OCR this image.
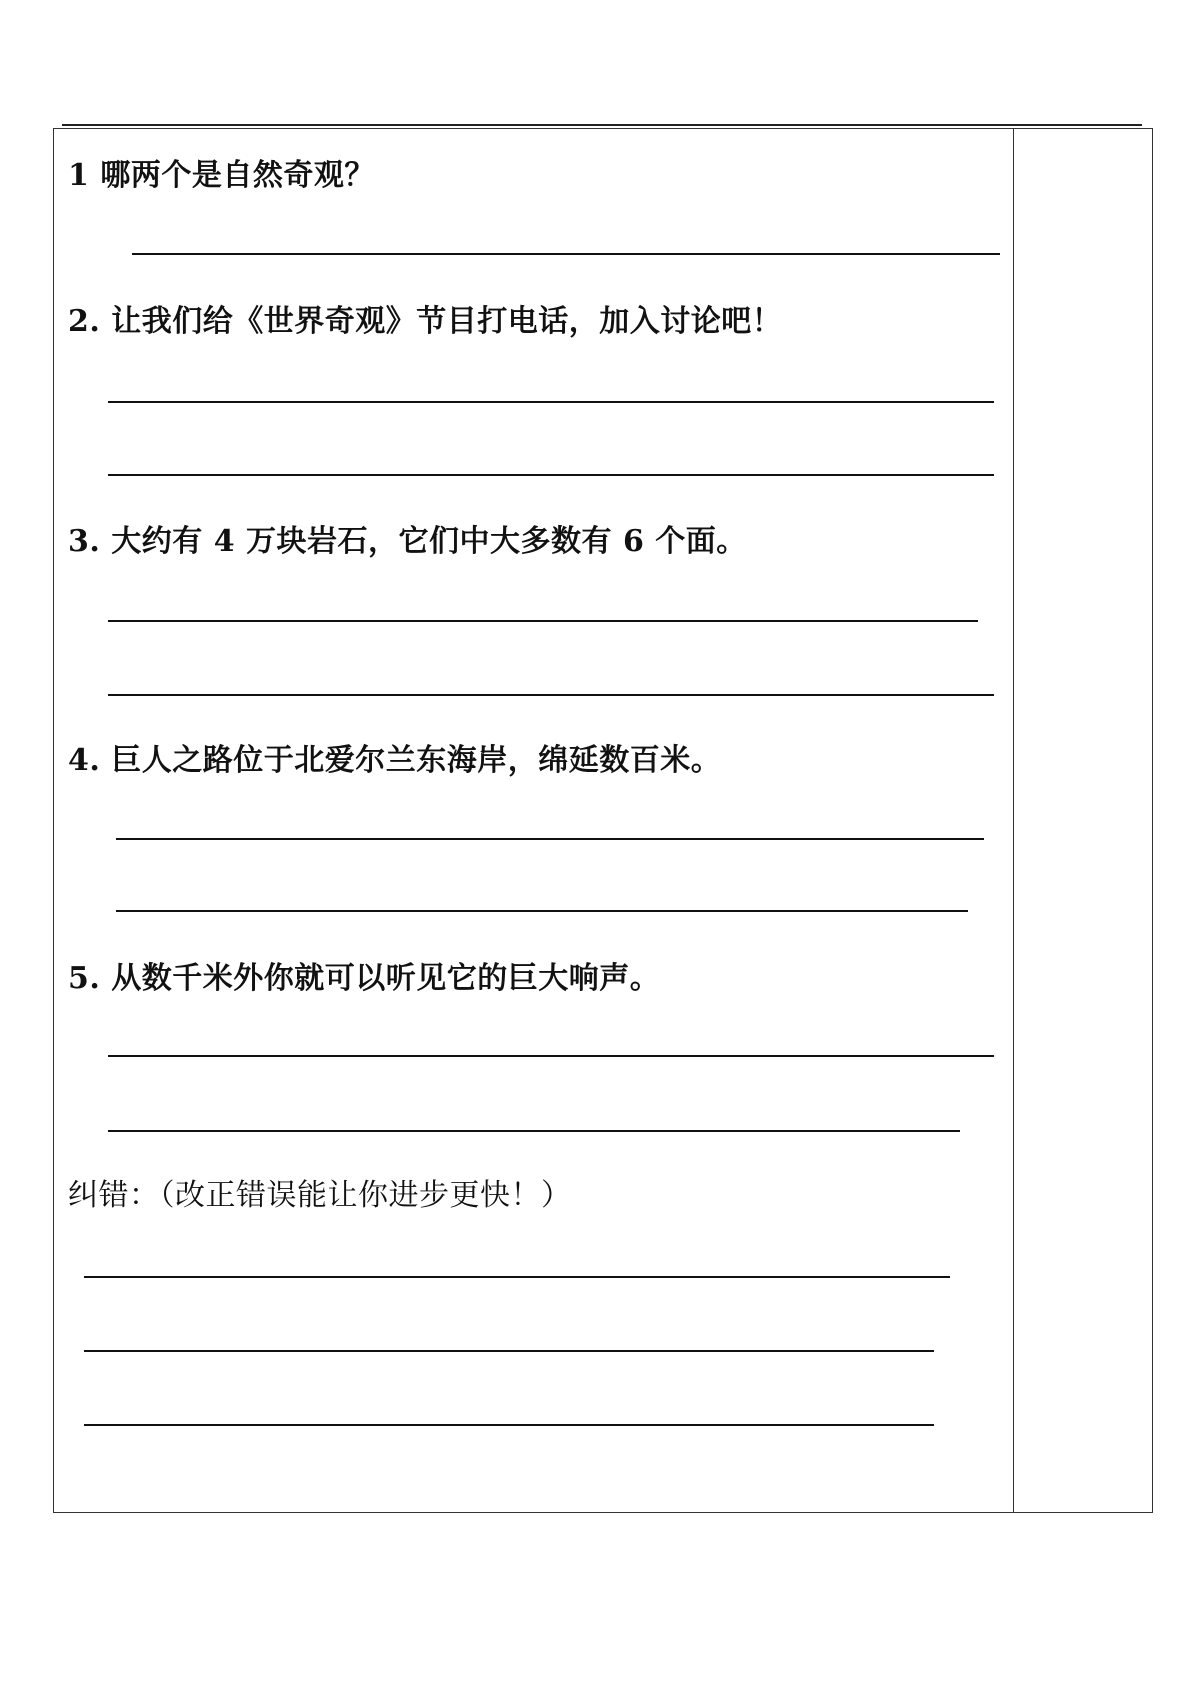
1 哪两个是自然奇观？
2. 让我们给《世界奇观》节目打电话，加入讨论吧！
3. 大约有 4 万块岩石，它们中大多数有 6 个面。
4. 巨人之路位于北爱尔兰东海岸，绵延数百米。
5. 从数千米外你就可以听见它的巨大响声。
纠错：（改正错误能让你进步更快！）
